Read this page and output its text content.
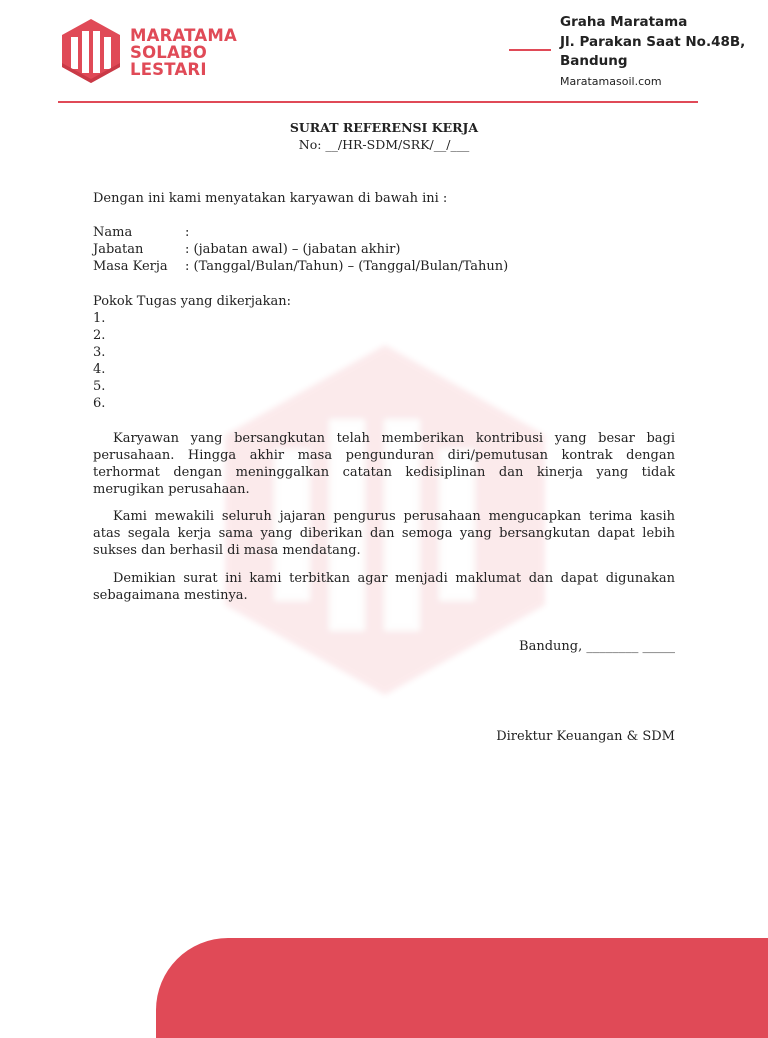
MARATAMA
SOLABO
LESTARI
Graha Maratama
Jl. Parakan Saat No.48B,
Bandung
Maratamasoil.com
SURAT REFERENSI KERJA
No: __/HR-SDM/SRK/__/___
Dengan ini kami menyatakan karyawan di bawah ini :
Nama	:
Jabatan	: (jabatan awal) – (jabatan akhir)
Masa Kerja	: (Tanggal/Bulan/Tahun) – (Tanggal/Bulan/Tahun)
Pokok Tugas yang dikerjakan:
1.
2.
3.
4.
5.
6.
Karyawan yang bersangkutan telah memberikan kontribusi yang besar bagi perusahaan. Hingga akhir masa pengunduran diri/pemutusan kontrak dengan terhormat dengan meninggalkan catatan kedisiplinan dan kinerja yang tidak merugikan perusahaan.
Kami mewakili seluruh jajaran pengurus perusahaan mengucapkan terima kasih atas segala kerja sama yang diberikan dan semoga yang bersangkutan dapat lebih sukses dan berhasil di masa mendatang.
Demikian surat ini kami terbitkan agar menjadi maklumat dan dapat digunakan sebagaimana mestinya.
Bandung, ________ _____
Direktur Keuangan & SDM
